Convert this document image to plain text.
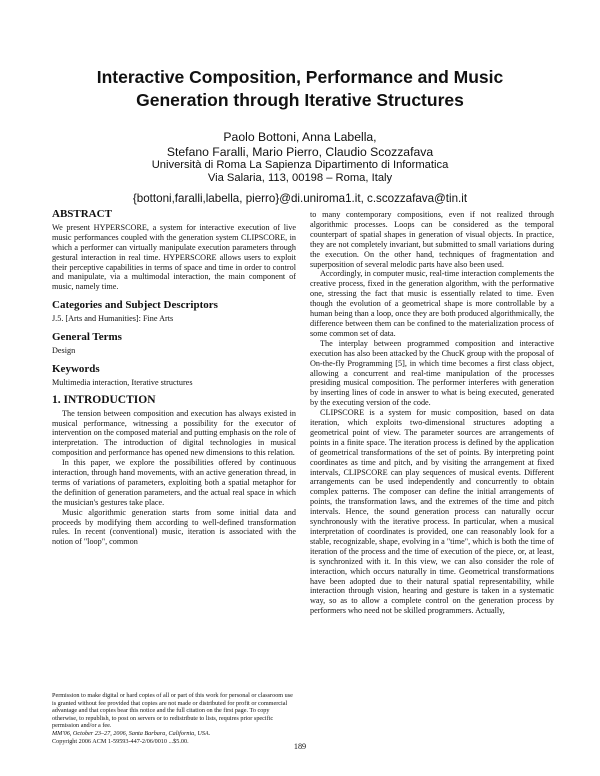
Interactive Composition, Performance and Music
Generation through Iterative Structures
Paolo Bottoni, Anna Labella,
Stefano Faralli, Mario Pierro, Claudio Scozzafava
Università di Roma La Sapienza Dipartimento di Informatica
Via Salaria, 113, 00198 – Roma, Italy
{bottoni,faralli,labella, pierro}@di.uniroma1.it, c.scozzafava@tin.it
ABSTRACT

We present HYPERSCORE, a system for interactive execution of live music performances coupled with the generation system CLIPSCORE, in which a performer can virtually manipulate execution parameters through gestural interaction in real time. HYPERSCORE allows users to exploit their perceptive capabilities in terms of space and time in order to control and manipulate, via a multimodal interaction, the main component of music, namely time.

Categories and Subject Descriptors

J.5. [Arts and Humanities]: Fine Arts

General Terms

Design

Keywords

Multimedia interaction, Iterative structures

1. INTRODUCTION

The tension between composition and execution has always existed in musical performance, witnessing a possibility for the executor of intervention on the composed material and putting emphasis on the role of interpretation. The introduction of digital technologies in musical composition and performance has opened new dimensions to this relation.

In this paper, we explore the possibilities offered by continuous interaction, through hand movements, with an active generation thread, in terms of variations of parameters, exploiting both a spatial metaphor for the definition of generation parameters, and the actual real space in which the musician's gestures take place.

Music algorithmic generation starts from some initial data and proceeds by modifying them according to well-defined transformation rules. In recent (conventional) music, iteration is associated with the notion of "loop", common

to many contemporary compositions, even if not realized through algorithmic processes. Loops can be considered as the temporal counterpart of spatial shapes in generation of visual objects. In practice, they are not completely invariant, but submitted to small variations during the execution. On the other hand, techniques of fragmentation and superposition of several melodic parts have also been used.

Accordingly, in computer music, real-time interaction complements the creative process, fixed in the generation algorithm, with the performative one, stressing the fact that music is essentially related to time. Even though the evolution of a geometrical shape is more controllable by a human being than a loop, once they are both produced algorithmically, the difference between them can be confined to the materialization process of some common set of data.

The interplay between programmed composition and interactive execution has also been attacked by the ChucK group with the proposal of On-the-fly Programming [5], in which time becomes a first class object, allowing a concurrent and real-time manipulation of the processes presiding musical composition. The performer interferes with generation by inserting lines of code in answer to what is being executed, generated by the executing version of the code.

CLIPSCORE is a system for music composition, based on data iteration, which exploits two-dimensional structures adopting a geometrical point of view. The parameter sources are arrangements of points in a finite space. The iteration process is defined by the application of geometrical transformations of the set of points. By interpreting point coordinates as time and pitch, and by visiting the arrangement at fixed intervals, CLIPSCORE can play sequences of musical events. Different arrangements can be used independently and concurrently to obtain complex patterns. The composer can define the initial arrangements of points, the transformation laws, and the extremes of the time and pitch intervals. Hence, the sound generation process can naturally occur synchronously with the iterative process. In particular, when a musical interpretation of coordinates is provided, one can reasonably look for a stable, recognizable, shape, evolving in a "time", which is both the time of iteration of the process and the time of execution of the piece, or, at least, is synchronized with it. In this view, we can also consider the role of interaction, which occurs naturally in time. Geometrical transformations have been adopted due to their natural spatial representability, while interaction through vision, hearing and gesture is taken in a systematic way, so as to allow a complete control on the generation process by performers who need not be skilled programmers. Actually,

Permission to make digital or hard copies of all or part of this work for personal or classroom use is granted without fee provided that copies are not made or distributed for profit or commercial advantage and that copies bear this notice and the full citation on the first page. To copy otherwise, to republish, to post on servers or to redistribute to lists, requires prior specific permission and/or a fee.

MM'06, October 23–27, 2006, Santa Barbara, California, USA.

Copyright 2006 ACM 1-59593-447-2/06/0010 ...$5.00.

189
